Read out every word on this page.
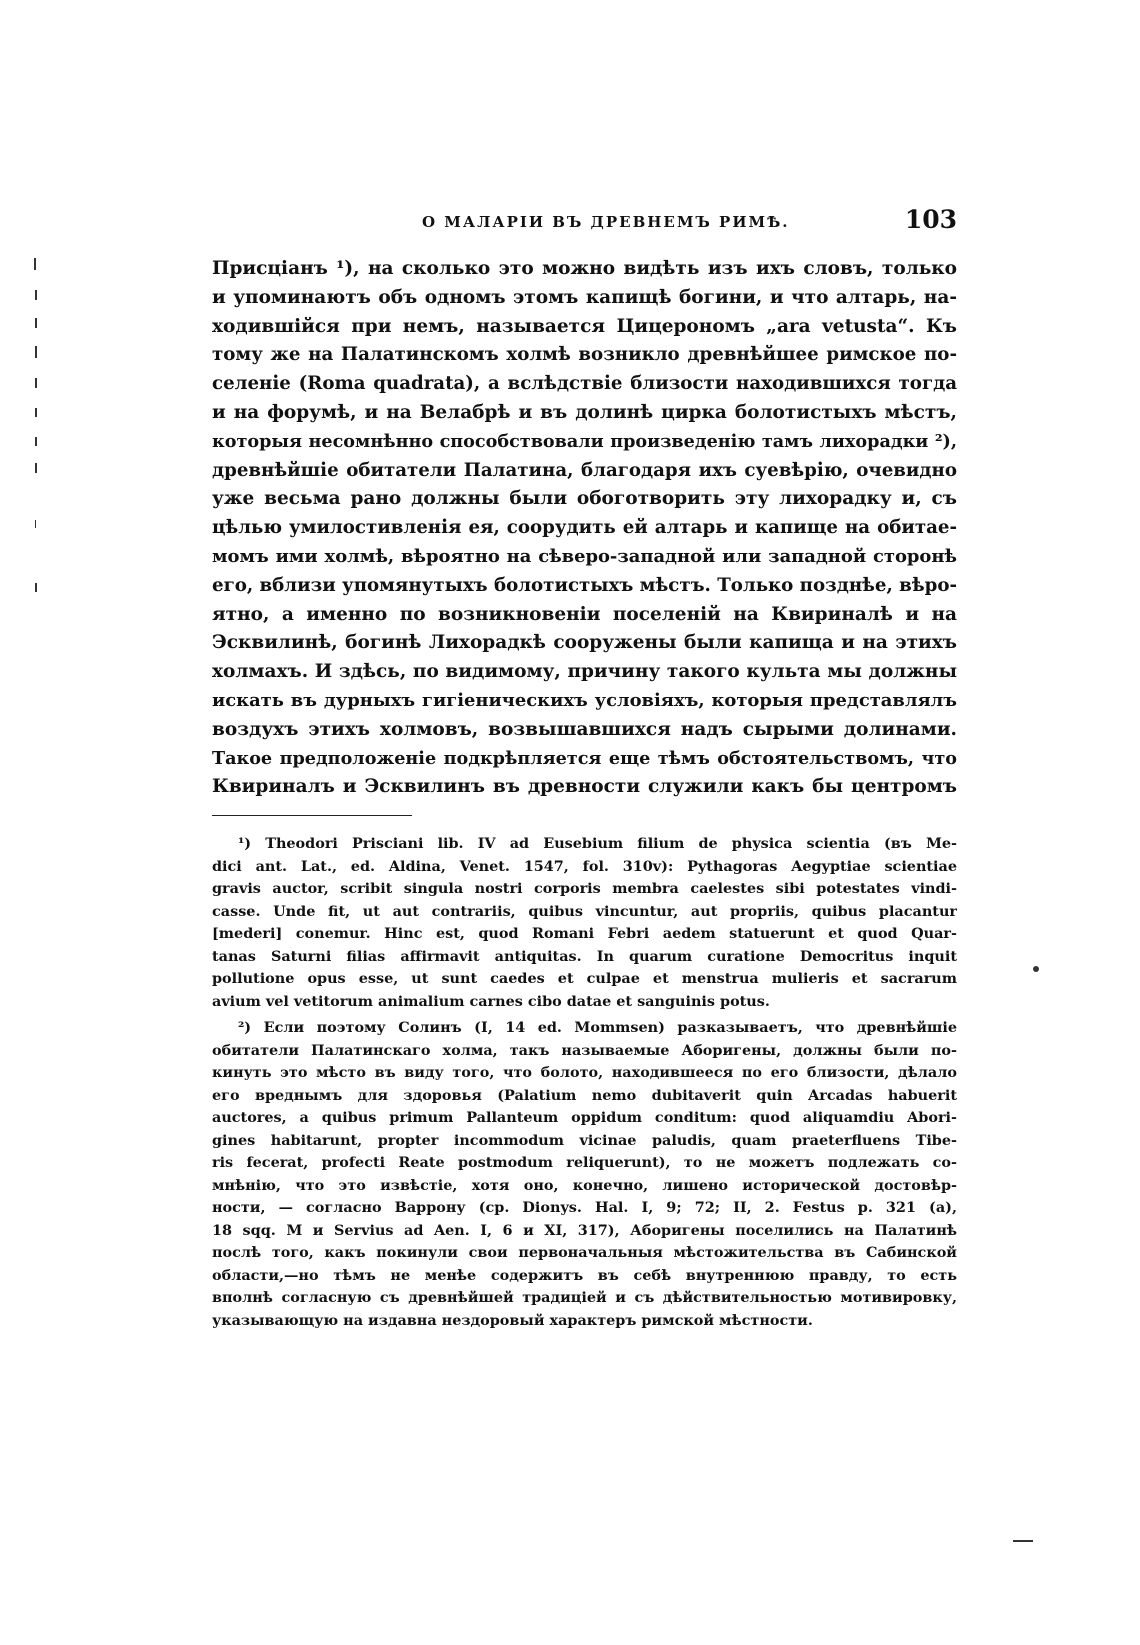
О МАЛАРІИ ВЪ ДРЕВНЕМЪ РИМѢ.	103
Присціанъ ¹), на сколько это можно видѣть изъ ихъ словъ, только
и упоминаютъ объ одномъ этомъ капищѣ богини, и что алтарь, на-
ходившійся при немъ, называется Цицерономъ „ara vetusta“. Къ
тому же на Палатинскомъ холмѣ возникло древнѣйшее римское по-
селеніе (Roma quadrata), а вслѣдствіе близости находившихся тогда
и на форумѣ, и на Велабрѣ и въ долинѣ цирка болотистыхъ мѣстъ,
которыя несомнѣнно способствовали произведенію тамъ лихорадки ²),
древнѣйшіе обитатели Палатина, благодаря ихъ суевѣрію, очевидно
уже весьма рано должны были обоготворить эту лихорадку и, съ
цѣлью умилостивленія ея, соорудить ей алтарь и капище на обитае-
момъ ими холмѣ, вѣроятно на сѣверо-западной или западной сторонѣ
его, вблизи упомянутыхъ болотистыхъ мѣстъ. Только позднѣе, вѣро-
ятно, а именно по возникновеніи поселеній на Квириналѣ и на
Эсквилинѣ, богинѣ Лихорадкѣ сооружены были капища и на этихъ
холмахъ. И здѣсь, по видимому, причину такого культа мы должны
искать въ дурныхъ гигіеническихъ условіяхъ, которыя представлялъ
воздухъ этихъ холмовъ, возвышавшихся надъ сырыми долинами.
Такое предположеніе подкрѣпляется еще тѣмъ обстоятельствомъ, что
Квириналъ и Эсквилинъ въ древности служили какъ бы центромъ
¹) Theodori Prisciani lib. IV ad Eusebium filium de physica scientia (въ Me-
dici ant. Lat., ed. Aldina, Venet. 1547, fol. 310v): Pythagoras Aegyptiae scientiae
gravis auctor, scribit singula nostri corporis membra caelestes sibi potestates vindi-
casse. Unde fit, ut aut contrariis, quibus vincuntur, aut propriis, quibus placantur
[mederi] conemur. Hinc est, quod Romani Febri aedem statuerunt et quod Quar-
tanas Saturni filias affirmavit antiquitas. In quarum curatione Democritus inquit
pollutione opus esse, ut sunt caedes et culpae et menstrua mulieris et sacrarum
avium vel vetitorum animalium carnes cibo datae et sanguinis potus.
²) Если поэтому Солинъ (I, 14 ed. Mommsen) разказываетъ, что древнѣйшіе
обитатели Палатинскаго холма, такъ называемые Аборигены, должны были по-
кинуть это мѣсто въ виду того, что болото, находившееся по его близости, дѣлало
его вреднымъ для здоровья (Palatium nemo dubitaverit quin Arcadas habuerit
auctores, a quibus primum Pallanteum oppidum conditum: quod aliquamdiu Abori-
gines habitarunt, propter incommodum vicinae paludis, quam praeterfluens Tibe-
ris fecerat, profecti Reate postmodum reliquerunt), то не можетъ подлежать со-
мнѣнію, что это извѣстіе, хотя оно, конечно, лишено исторической достовѣр-
ности, — согласно Варрону (ср. Dionys. Hal. I, 9; 72; II, 2. Festus p. 321 (a),
18 sqq. M и Servius ad Aen. I, 6 и XI, 317), Аборигены поселились на Палатинѣ
послѣ того, какъ покинули свои первоначальныя мѣстожительства въ Сабинской
области,—но тѣмъ не менѣе содержитъ въ себѣ внутреннюю правду, то есть
вполнѣ согласную съ древнѣйшей традиціей и съ дѣйствительностью мотивировку,
указывающую на издавна нездоровый характеръ римской мѣстности.
